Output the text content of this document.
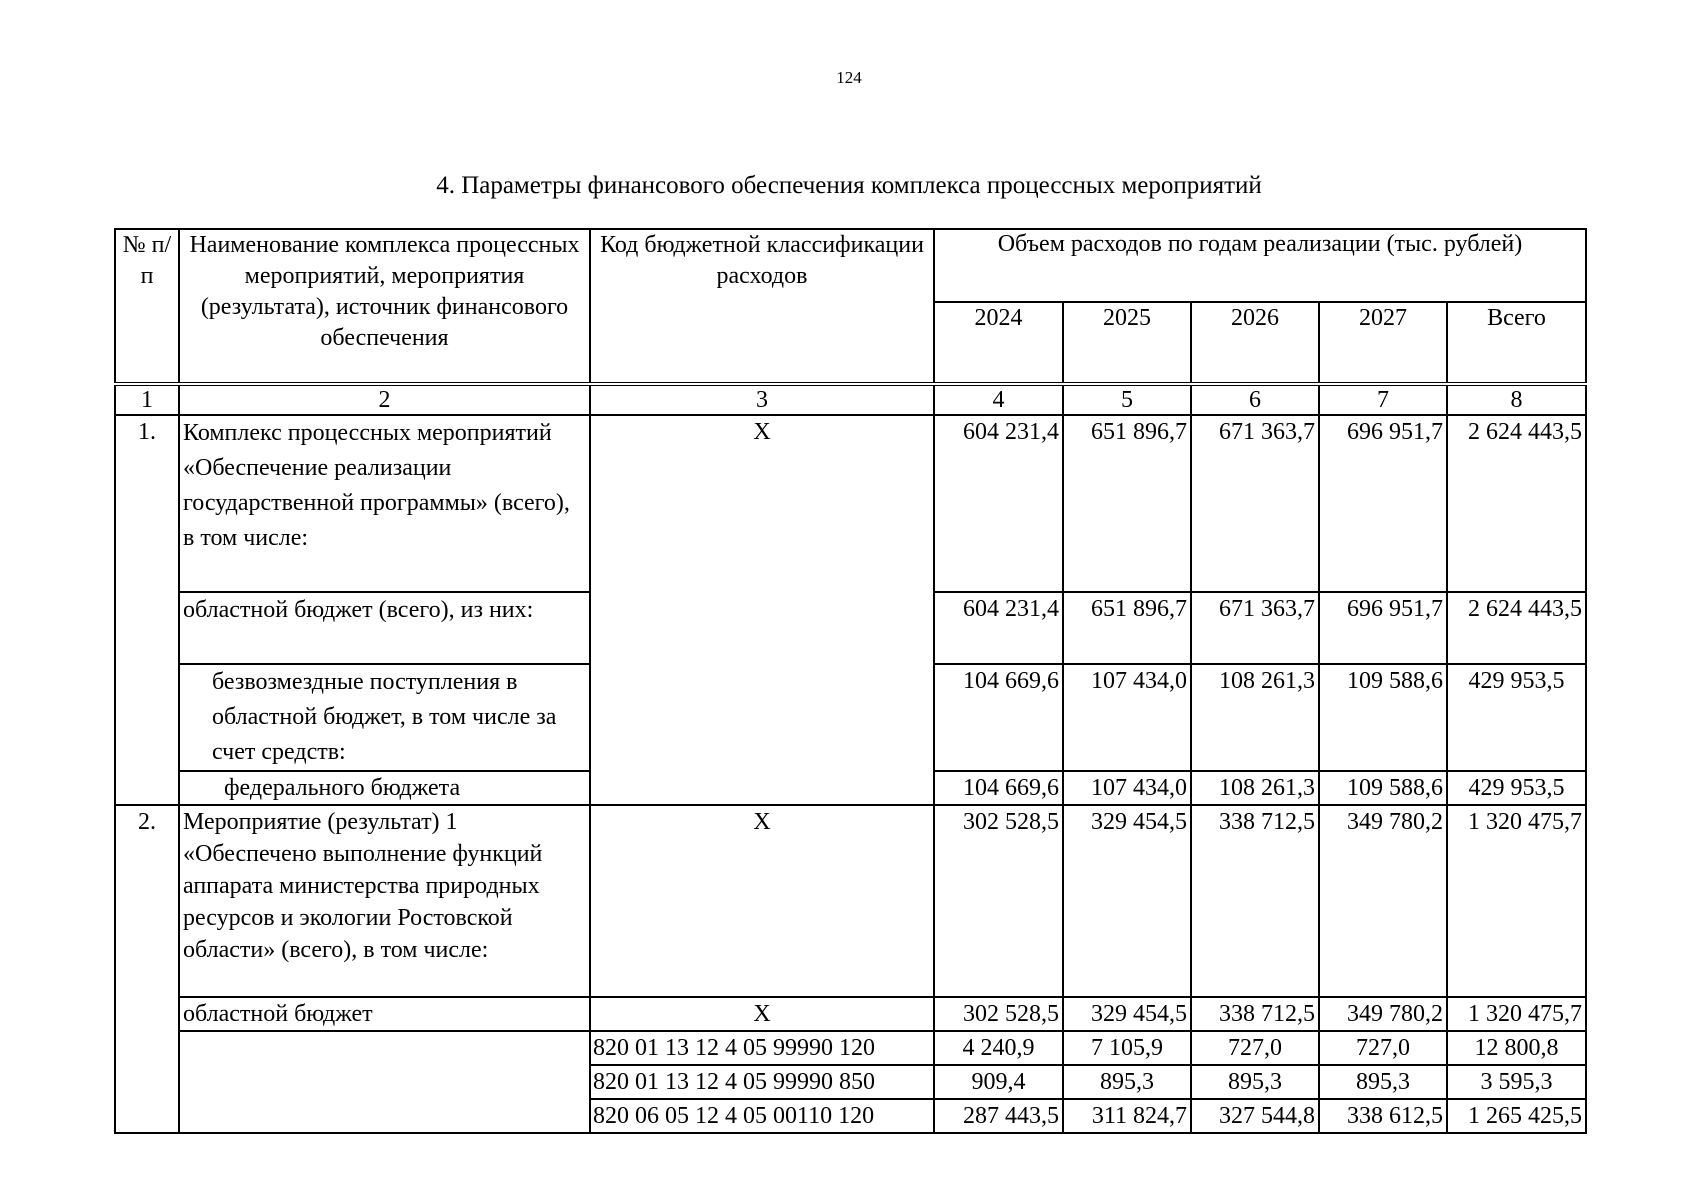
124
4. Параметры финансового обеспечения комплекса процессных мероприятий
№ п/п	Наименование комплекса процессных мероприятий, мероприятия (результата), источник финансового обеспечения	Код бюджетной классификации расходов	Объем расходов по годам реализации (тыс. рублей)				
			2024	2025	2026	2027	Всего
1	2	3	4	5	6	7	8
1.	Комплекс процессных мероприятий «Обеспечение реализации государственной программы» (всего), в том числе:	Х	604 231,4	651 896,7	671 363,7	696 951,7	2 624 443,5
	областной бюджет (всего), из них:		604 231,4	651 896,7	671 363,7	696 951,7	2 624 443,5
	безвозмездные поступления в областной бюджет, в том числе за счет средств:		104 669,6	107 434,0	108 261,3	109 588,6	429 953,5
	федерального бюджета		104 669,6	107 434,0	108 261,3	109 588,6	429 953,5
2.	Мероприятие (результат) 1 «Обеспечено выполнение функций аппарата министерства природных ресурсов и экологии Ростовской области» (всего), в том числе:	Х	302 528,5	329 454,5	338 712,5	349 780,2	1 320 475,7
	областной бюджет	Х	302 528,5	329 454,5	338 712,5	349 780,2	1 320 475,7
		820 01 13 12 4 05 99990 120	4 240,9	7 105,9	727,0	727,0	12 800,8
		820 01 13 12 4 05 99990 850	909,4	895,3	895,3	895,3	3 595,3
		820 06 05 12 4 05 00110 120	287 443,5	311 824,7	327 544,8	338 612,5	1 265 425,5
